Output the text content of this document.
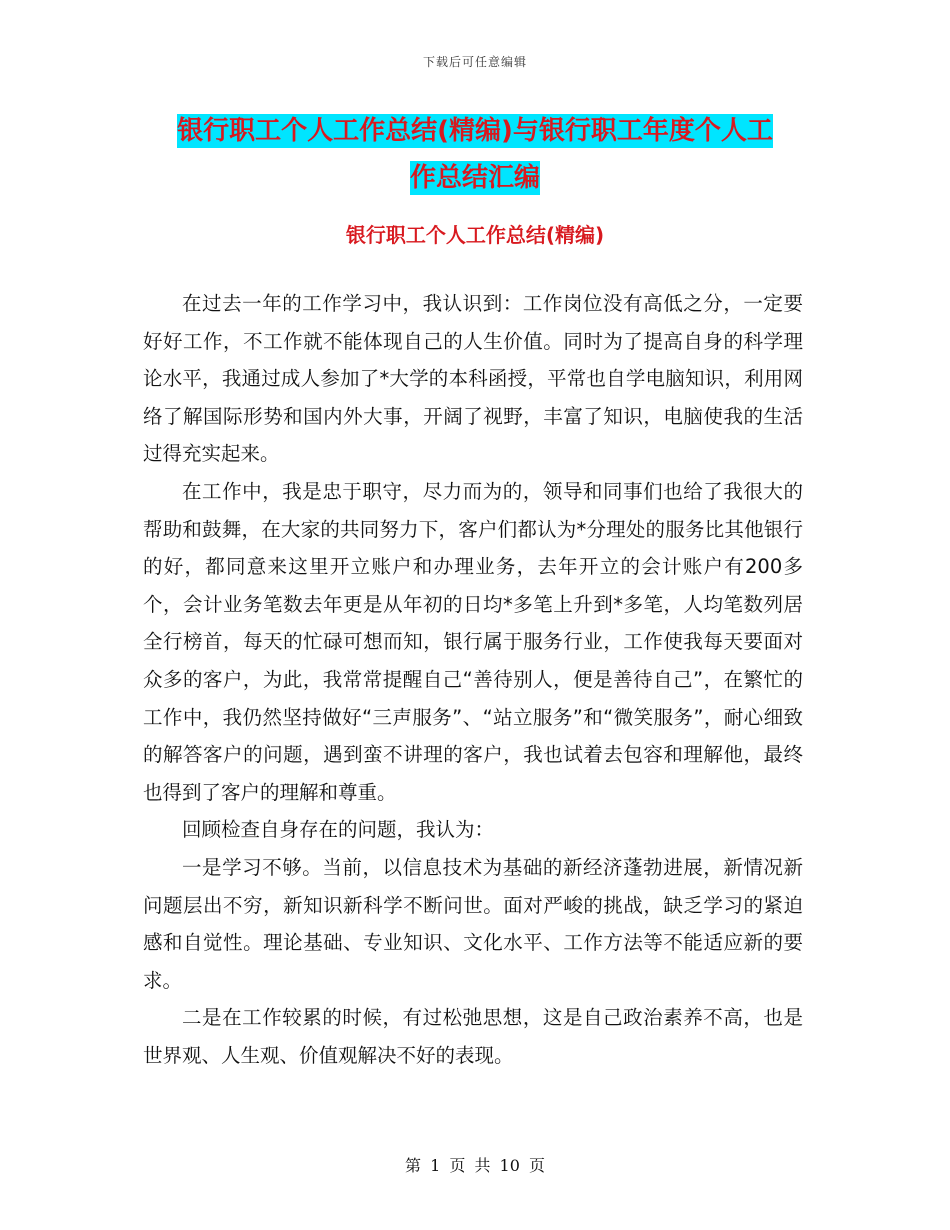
下载后可任意编辑
银行职工个人工作总结(精编)与银行职工年度个人工
作总结汇编
银行职工个人工作总结(精编)

在过去一年的工作学习中，我认识到：工作岗位没有高低之分，一定要好好工作，不工作就不能体现自己的人生价值。同时为了提高自身的科学理论水平，我通过成人参加了*大学的本科函授，平常也自学电脑知识，利用网络了解国际形势和国内外大事，开阔了视野，丰富了知识，电脑使我的生活过得充实起来。

在工作中，我是忠于职守，尽力而为的，领导和同事们也给了我很大的帮助和鼓舞，在大家的共同努力下，客户们都认为*分理处的服务比其他银行的好，都同意来这里开立账户和办理业务，去年开立的会计账户有200多个，会计业务笔数去年更是从年初的日均*多笔上升到*多笔，人均笔数列居全行榜首，每天的忙碌可想而知，银行属于服务行业，工作使我每天要面对众多的客户，为此，我常常提醒自己“善待别人，便是善待自己”，在繁忙的工作中，我仍然坚持做好“三声服务”、“站立服务”和“微笑服务”，耐心细致的解答客户的问题，遇到蛮不讲理的客户，我也试着去包容和理解他，最终也得到了客户的理解和尊重。

回顾检查自身存在的问题，我认为：

一是学习不够。当前，以信息技术为基础的新经济蓬勃进展，新情况新问题层出不穷，新知识新科学不断问世。面对严峻的挑战，缺乏学习的紧迫感和自觉性。理论基础、专业知识、文化水平、工作方法等不能适应新的要求。

二是在工作较累的时候，有过松弛思想，这是自己政治素养不高，也是世界观、人生观、价值观解决不好的表现。

第 1 页 共 10 页
